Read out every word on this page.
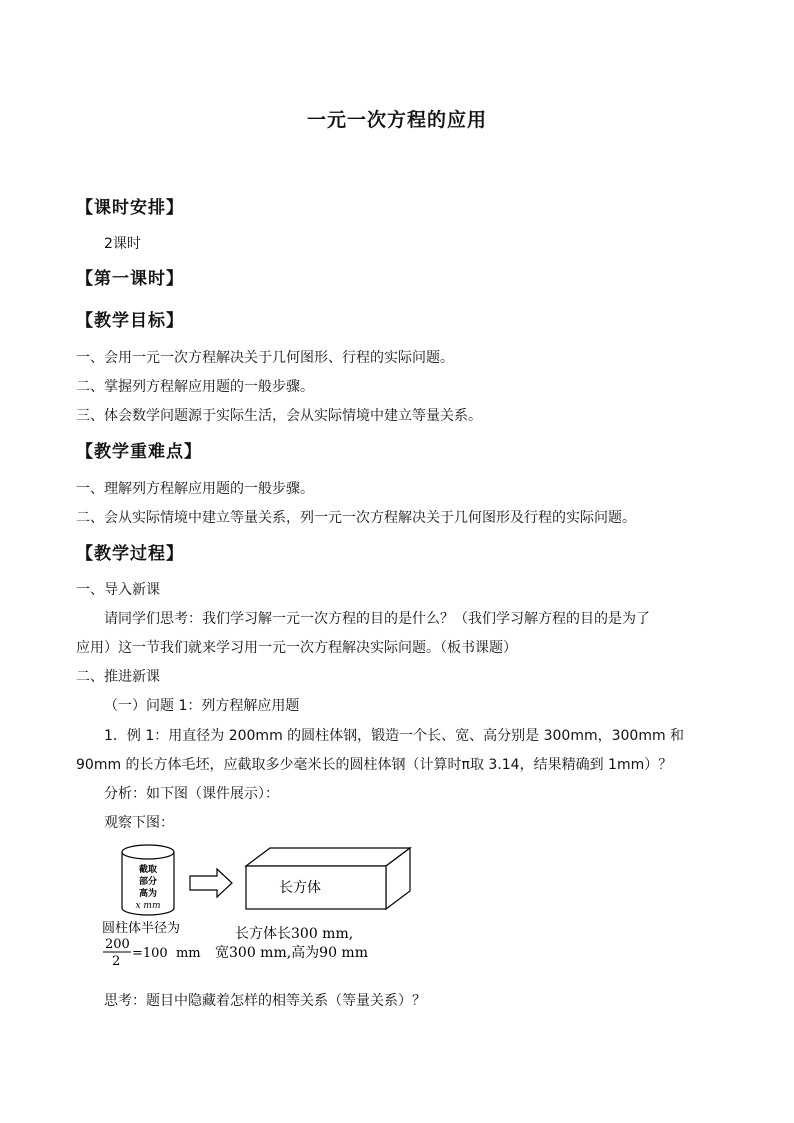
一元一次方程的应用
【课时安排】
2课时
【第一课时】
【教学目标】
一、会用一元一次方程解决关于几何图形、行程的实际问题。
二、掌握列方程解应用题的一般步骤。
三、体会数学问题源于实际生活，会从实际情境中建立等量关系。
【教学重难点】
一、理解列方程解应用题的一般步骤。
二、会从实际情境中建立等量关系，列一元一次方程解决关于几何图形及行程的实际问题。
【教学过程】
一、导入新课
请同学们思考：我们学习解一元一次方程的目的是什么？（我们学习解方程的目的是为了
应用）这一节我们就来学习用一元一次方程解决实际问题。（板书课题）
二、推进新课
（一）问题 1：列方程解应用题
1．例 1：用直径为 200mm 的圆柱体钢，锻造一个长、宽、高分别是 300mm，300mm 和
90mm 的长方体毛坯，应截取多少毫米长的圆柱体钢（计算时π取 3.14，结果精确到 1mm）？
分析：如下图（课件展示）：
观察下图：
截取
部分
高为
x mm
长方体
圆柱体半径为
200
2
=100  mm
长方体长300 mm,
宽300 mm,高为90 mm
思考：题目中隐藏着怎样的相等关系（等量关系）？
